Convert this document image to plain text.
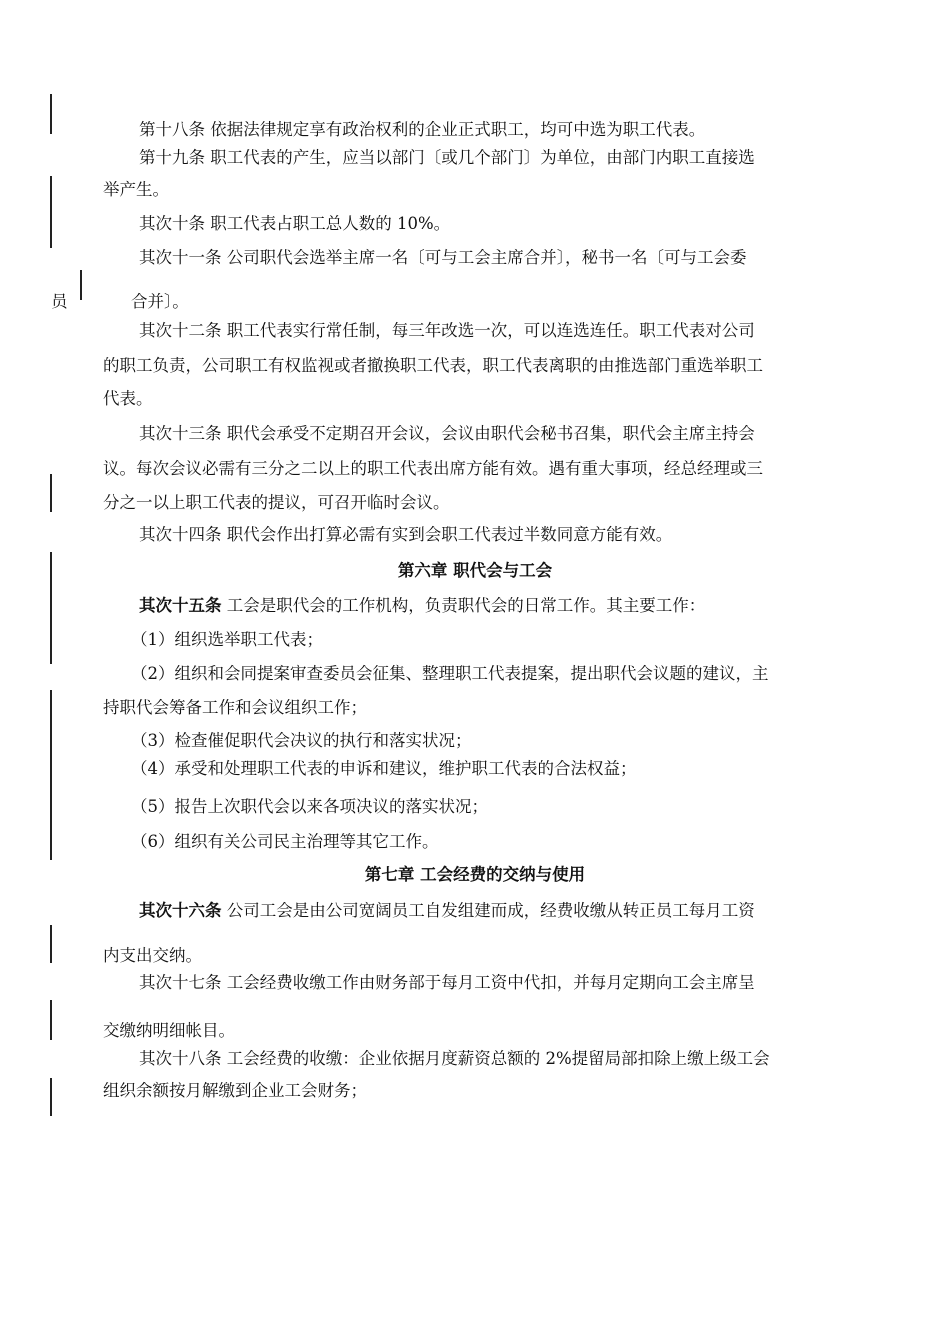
第十八条 依据法律规定享有政治权利的企业正式职工，均可中选为职工代表。
第十九条 职工代表的产生，应当以部门〔或几个部门〕为单位，由部门内职工直接选
举产生。
其次十条 职工代表占职工总人数的 10%。
其次十一条 公司职代会选举主席一名〔可与工会主席合并〕，秘书一名〔可与工会委
员	合并〕。
其次十二条 职工代表实行常任制，每三年改选一次，可以连选连任。职工代表对公司
的职工负责，公司职工有权监视或者撤换职工代表，职工代表离职的由推选部门重选举职工
代表。
其次十三条 职代会承受不定期召开会议，会议由职代会秘书召集，职代会主席主持会
议。每次会议必需有三分之二以上的职工代表出席方能有效。遇有重大事项，经总经理或三
分之一以上职工代表的提议，可召开临时会议。
其次十四条 职代会作出打算必需有实到会职工代表过半数同意方能有效。
第六章 职代会与工会
其次十五条 工会是职代会的工作机构，负责职代会的日常工作。其主要工作：
（1）组织选举职工代表；
（2）组织和会同提案审查委员会征集、整理职工代表提案，提出职代会议题的建议，主
持职代会筹备工作和会议组织工作；
（3）检查催促职代会决议的执行和落实状况；
（4）承受和处理职工代表的申诉和建议，维护职工代表的合法权益；
（5）报告上次职代会以来各项决议的落实状况；
（6）组织有关公司民主治理等其它工作。
第七章 工会经费的交纳与使用
其次十六条 公司工会是由公司宽阔员工自发组建而成，经费收缴从转正员工每月工资
内支出交纳。
其次十七条 工会经费收缴工作由财务部于每月工资中代扣，并每月定期向工会主席呈
交缴纳明细帐目。
其次十八条 工会经费的收缴：企业依据月度薪资总额的 2%提留局部扣除上缴上级工会
组织余额按月解缴到企业工会财务；
